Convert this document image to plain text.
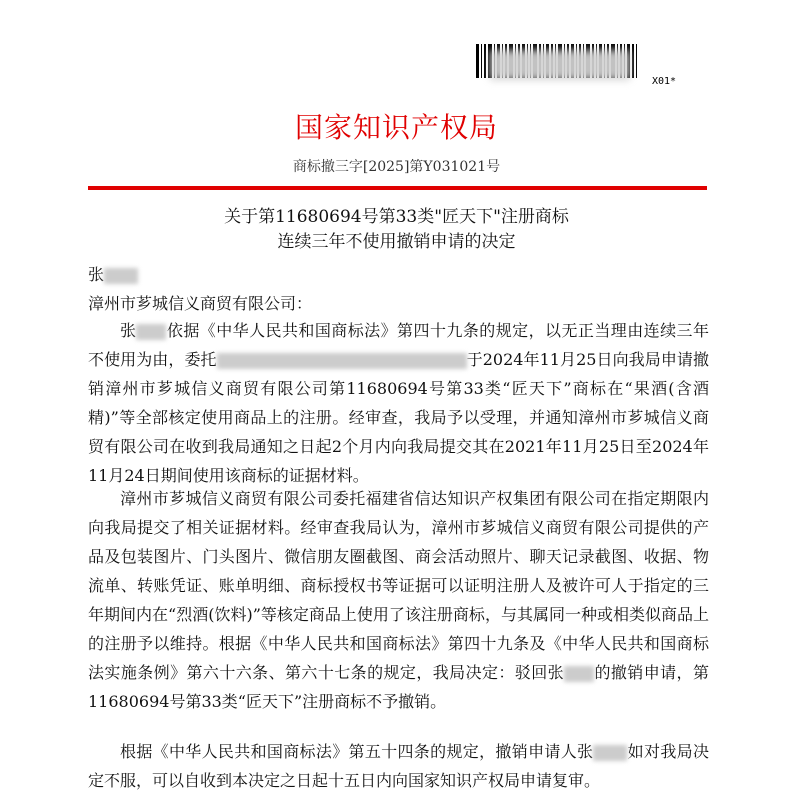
X01*
国家知识产权局
商标撤三字[2025]第Y031021号
关于第11680694号第33类"匠天下"注册商标
连续三年不使用撤销申请的决定
张
漳州市芗城信义商贸有限公司：
张 依据《中华人民共和国商标法》第四十九条的规定，以无正当理由连续三年不使用为由，委托	于2024年11月25日向我局申请撤销漳州市芗城信义商贸有限公司第11680694号第33类“匠天下”商标在“果酒(含酒精)”等全部核定使用商品上的注册。经审查，我局予以受理，并通知漳州市芗城信义商贸有限公司在收到我局通知之日起2个月内向我局提交其在2021年11月25日至2024年11月24日期间使用该商标的证据材料。
漳州市芗城信义商贸有限公司委托福建省信达知识产权集团有限公司在指定期限内向我局提交了相关证据材料。经审查我局认为，漳州市芗城信义商贸有限公司提供的产品及包装图片、门头图片、微信朋友圈截图、商会活动照片、聊天记录截图、收据、物流单、转账凭证、账单明细、商标授权书等证据可以证明注册人及被许可人于指定的三年期间内在“烈酒(饮料)”等核定商品上使用了该注册商标，与其属同一种或相类似商品上的注册予以维持。根据《中华人民共和国商标法》第四十九条及《中华人民共和国商标法实施条例》第六十六条、第六十七条的规定，我局决定：驳回张 的撤销申请，第11680694号第33类“匠天下”注册商标不予撤销。
根据《中华人民共和国商标法》第五十四条的规定，撤销申请人张 如对我局决定不服，可以自收到本决定之日起十五日内向国家知识产权局申请复审。
